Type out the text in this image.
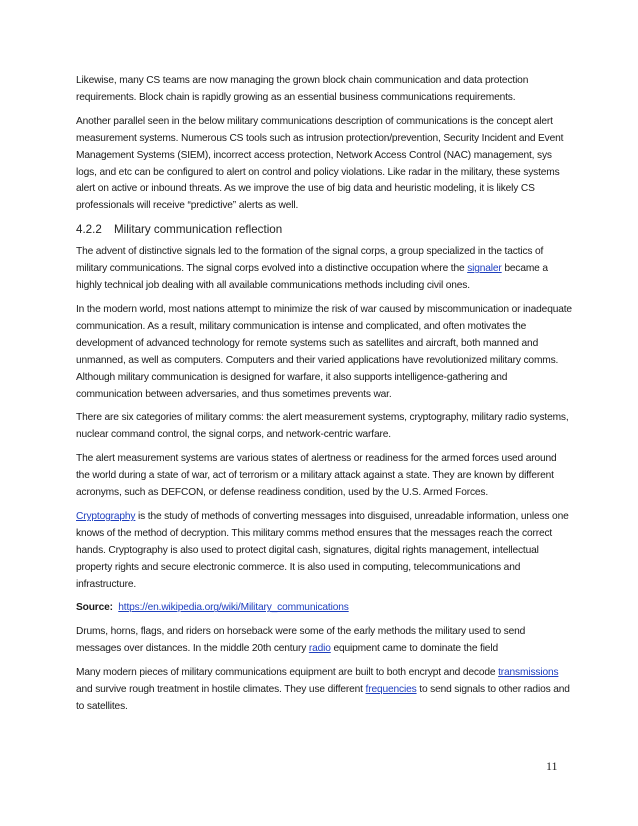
Likewise, many CS teams are now managing the grown block chain communication and data protection requirements. Block chain is rapidly growing as an essential business communications requirements.

Another parallel seen in the below military communications description of communications is the concept alert measurement systems. Numerous CS tools such as intrusion protection/prevention, Security Incident and Event Management Systems (SIEM), incorrect access protection, Network Access Control (NAC) management, sys logs, and etc can be configured to alert on control and policy violations. Like radar in the military, these systems alert on active or inbound threats. As we improve the use of big data and heuristic modeling, it is likely CS professionals will receive “predictive” alerts as well.

4.2.2 Military communication reflection

The advent of distinctive signals led to the formation of the signal corps, a group specialized in the tactics of military communications. The signal corps evolved into a distinctive occupation where the signaler became a highly technical job dealing with all available communications methods including civil ones.

In the modern world, most nations attempt to minimize the risk of war caused by miscommunication or inadequate communication. As a result, military communication is intense and complicated, and often motivates the development of advanced technology for remote systems such as satellites and aircraft, both manned and unmanned, as well as computers. Computers and their varied applications have revolutionized military comms. Although military communication is designed for warfare, it also supports intelligence-gathering and communication between adversaries, and thus sometimes prevents war.

There are six categories of military comms: the alert measurement systems, cryptography, military radio systems, nuclear command control, the signal corps, and network-centric warfare.

The alert measurement systems are various states of alertness or readiness for the armed forces used around the world during a state of war, act of terrorism or a military attack against a state. They are known by different acronyms, such as DEFCON, or defense readiness condition, used by the U.S. Armed Forces.

Cryptography is the study of methods of converting messages into disguised, unreadable information, unless one knows of the method of decryption. This military comms method ensures that the messages reach the correct hands. Cryptography is also used to protect digital cash, signatures, digital rights management, intellectual property rights and secure electronic commerce. It is also used in computing, telecommunications and infrastructure.

Source: https://en.wikipedia.org/wiki/Military_communications

Drums, horns, flags, and riders on horseback were some of the early methods the military used to send messages over distances. In the middle 20th century radio equipment came to dominate the field

Many modern pieces of military communications equipment are built to both encrypt and decode transmissions and survive rough treatment in hostile climates. They use different frequencies to send signals to other radios and to satellites.

11
